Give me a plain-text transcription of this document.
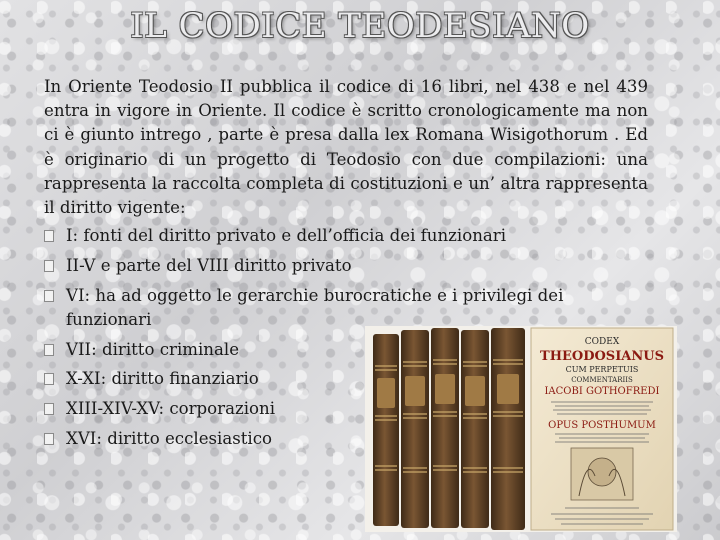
IL CODICE TEODESIANO

In Oriente Teodosio II pubblica il codice di 16 libri, nel 438 e nel 439 entra in vigore in Oriente. Il codice è scritto cronologicamente ma non ci è giunto intrego , parte è presa dalla lex Romana Wisigothorum . Ed è originario di un progetto di Teodosio con due compilazioni: una rappresenta la raccolta completa di costituzioni e un’ altra rappresenta il diritto vigente:

I: fonti del diritto privato e dell’officia dei funzionari
II-V e parte del VIII diritto privato
VI: ha ad oggetto le gerarchie burocratiche e i privilegi dei funzionari
VII: diritto criminale
X-XI: diritto finanziario
XIII-XIV-XV: corporazioni
XVI: diritto ecclesiastico
CODEX
THEODOSIANUS
CUM PERPETUIS
COMMENTARIIS
IACOBI GOTHOFREDI
OPUS POSTHUMUM
